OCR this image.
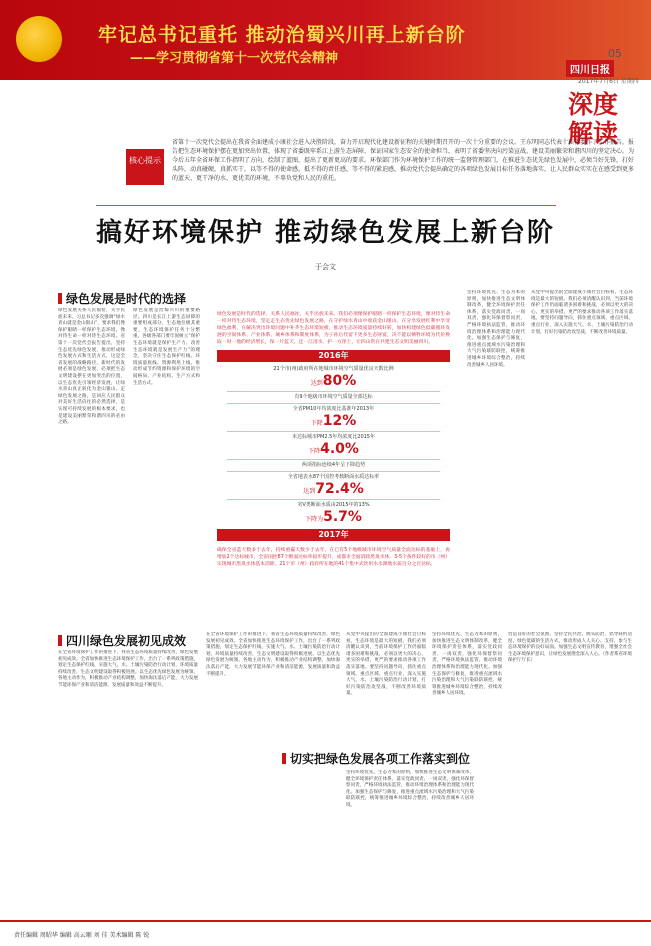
牢记总书记重托 推动治蜀兴川再上新台阶
——学习贯彻省第十一次党代会精神	05
四川日报
2017年7月6日 星期四
深度解读
核心提示
省第十一次党代会提出在我省全面建成小康社会进入决胜阶段，奋力开启现代化建设新征程的关键时期召开的一次十分重要的会议。王东明同志代表十届省委作了工作报告，报告把生态环境保护摆在更加突出位置，体现了省委既牢系江上游生态屏障、保证国家生态安全的使命担当，表明了省委坚决向污染宣战、建设美丽繁荣和谐四川的坚定决心。为今后五年全省环保工作指明了方向，绘制了蓝图，提出了更新更高的要求。环保部门作为环境保护工作的统一监督管理部门，在推进生态优先绿色发展中，必须当好先锋，打好头阵，动真碰硬，真抓实干，以等不得的使命感，抵不得的责任感，等不得的紧迫感，推动党代会提出确定的各项绿色发展目标任务落地落实，让人民群众实实在在感受到更多的蓝天、更干净的水、更优美的环境，不辜负党和人民的重托。
搞好环境保护 推动绿色发展上新台阶
于会文
绿色发展是时代的选择
绿色发展关系人民福祉，关乎民族未来。习总书记多次强调“绿水青山就是金山银山”，要求我们像保护眼睛一样保护生态环境，像对待生命一样对待生态环境。省第十一次党代会报告提出，坚持生态优先绿色发展，推动形成绿色发展方式和生活方式，这是全省发展的战略路径。新时代的发展必须是绿色发展，必须把生态文明建设摆在更加突出的位置，以生态优先引领经济发展，让绿水青山真正转化为金山银山。走绿色发展之路，是回应人民群众对美好生活向往的必然选择，是实现可持续发展的根本要求，也是建设美丽繁荣和谐四川的必由之路。
绿色发展是治蜀兴川的重要路径。四川是长江上游生态屏障的重要组成部分，生态地位极其重要，生态环境保护任务十分繁重。各级各部门要牢固树立“保护生态环境就是保护生产力、改善生态环境就是发展生产力”的理念，坚决守住生态保护红线、环境质量底线、资源利用上线，推动形成节约资源和保护环境的空间格局、产业结构、生产方式和生活方式。
绿色发展是时代的选择，关系人民福祉，关乎民族未来。我们必须像保护眼睛一样保护生态环境，像对待生命一样对待生态环境，坚定走生态优先绿色发展之路，在守护绿水青山中收获金山银山。在分享发展红利中享受绿色福利，在解决突出环境问题中补齐生态环境短板，推动生态环境质量持续好转，加快构建绿色低碳循环发展的空间体系、产业体系、城乡体系和制度体系，为子孙后代留下更多生态财富，决不能以牺牲环境为代价换取一时一地的经济增长，保一片蓝天、还一江清水、护一方净土，让四山常在共建生态文明美丽四川。
2016年
21个市(州)政府所在地城市环境空气质量优良天数比例
达到80%
有9个地级市环境空气质量全部达标
全省PM10年均浓度比基准年2013年
下降12%
未达标城市PM2.5年均浓度比2015年
下降4.0%
两项指标连续4年呈下降趋势
全省地表水87个国控考核断面水质达标率
达到72.4%
劣V类断面水质由2015年的13%
下降为5.7%
2017年
确保全省蓝天数多于去年，持续重霾天数少于去年，在已有5个地级城市环境空气质量全面达标的基础上，再增加2个达标城市，全省国控87个断面达标率稳步提升，成都市全面消除黑臭水体，3-5个条件较好的市（州）实现城市黑臭水体基本消除，21个市（州）政府所在地的41个集中式饮用水水源地水质百分之百达标。
坚持环境优先、生态为本的原则，加快推进生态文明体制改革，健全环境保护责任体系，落实党政同责、一岗双责，强化环保督察问责，严格环境执法监管，推动环境治理体系和治理能力现代化。加强生态保护与修复，推进重点流域水污染治理和大气污染联防联控，统筹推进城乡环境综合整治，持续改善城乡人居环境。
从党中央提出的全面建成小康社会目标看，生态环境是最大的短板。我们必须清醒认识到，当前环境保护工作仍面临诸多困难和挑战，必须以更大的决心、更实的举措、更严的要求推动各项工作落实落地。要坚持问题导向，抓住重点领域、重点区域、重点行业，深入实施大气、水、土壤污染防治行动计划，打好污染防治攻坚战，不断改善环境质量。
四川绿色发展初见成效
在全省环境保护工作的推进下，我省生态环境质量持续改善，绿色发展初见成效。全省加快推进生态环境保护工作，出台了一系列政策措施，划定生态保护红线，实施大气、水、土壤污染防治行动计划，环境质量持续改善，生态文明建设取得积极进展。以生态优先绿色发展为统领，各地主动作为，积极推动产业结构调整，加快淘汰落后产能，大力发展节能环保产业和清洁能源，发展质量和效益不断提升。
在全省环境保护工作的推进下，我省生态环境质量持续改善，绿色发展初见成效。全省加快推进生态环境保护工作，出台了一系列政策措施，划定生态保护红线，实施大气、水、土壤污染防治行动计划，环境质量持续改善，生态文明建设取得积极进展。以生态优先绿色发展为统领，各地主动作为，积极推动产业结构调整，加快淘汰落后产能，大力发展节能环保产业和清洁能源，发展质量和效益不断提升。
切实把绿色发展各项工作落实到位
从党中央提出的全面建成小康社会目标看，生态环境是最大的短板。我们必须清醒认识到，当前环境保护工作仍面临诸多困难和挑战，必须以更大的决心、更实的举措、更严的要求推动各项工作落实落地。要坚持问题导向，抓住重点领域、重点区域、重点行业，深入实施大气、水、土壤污染防治行动计划，打好污染防治攻坚战，不断改善环境质量。
坚持环境优先、生态为本的原则，加快推进生态文明体制改革，健全环境保护责任体系，落实党政同责、一岗双责，强化环保督察问责，严格环境执法监管，推动环境治理体系和治理能力现代化。加强生态保护与修复，推进重点流域水污染治理和大气污染联防联控，统筹推进城乡环境综合整治，持续改善城乡人居环境。
坚持环境优先、生态为本的原则，加快推进生态文明体制改革，健全环境保护责任体系，落实党政同责、一岗双责，强化环保督察问责，严格环境执法监管，推动环境治理体系和治理能力现代化。加强生态保护与修复，推进重点流域水污染治理和大气污染联防联控，统筹推进城乡环境综合整治，持续改善城乡人居环境。
营造良好的社会氛围。坚持全民共治、源头防治，倡导简约适度、绿色低碳的生活方式，推动形成人人关心、支持、参与生态环境保护的良好局面。加强生态文明宣传教育，增强全社会生态环境保护意识，让绿色发展理念深入人心。（作者系省环境保护厅厅长）
责任编辑 周昭华 编辑 高云顺 刘 佳 美术编辑 陈 锐
